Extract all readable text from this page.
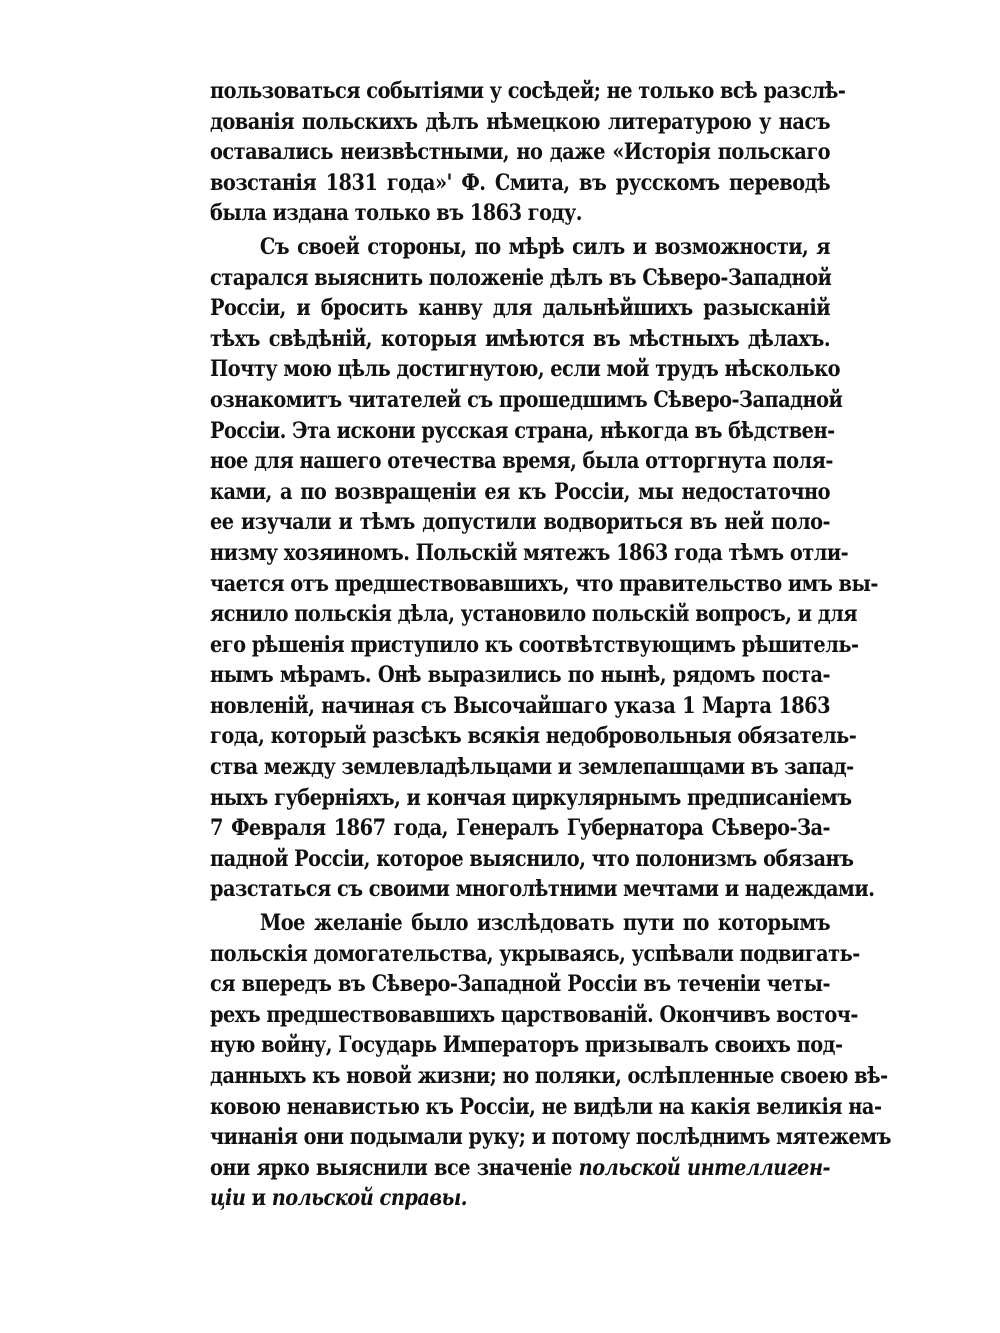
пользоваться событіями у сосѣдей; не только всѣ разслѣ-
дованія польскихъ дѣлъ нѣмецкою литературою у насъ
оставались неизвѣстными, но даже «Исторія польскаго
возстанія 1831 года»' Ф. Смита, въ русскомъ переводѣ
была издана только въ 1863 году.
Съ своей стороны, по мѣрѣ силъ и возможности, я
старался выяснить положеніе дѣлъ въ Сѣверо-Западной
Россіи, и бросить канву для дальнѣйшихъ разысканій
тѣхъ свѣдѣній, которыя имѣются въ мѣстныхъ дѣлахъ.
Почту мою цѣль достигнутою, если мой трудъ нѣсколько
ознакомитъ читателей съ прошедшимъ Сѣверо-Западной
Россіи. Эта искони русская страна, нѣкогда въ бѣдствен-
ное для нашего отечества время, была отторгнута поля-
ками, а по возвращеніи ея къ Россіи, мы недостаточно
ее изучали и тѣмъ допустили водвориться въ ней поло-
низму хозяиномъ. Польскій мятежъ 1863 года тѣмъ отли-
чается отъ предшествовавшихъ, что правительство имъ вы-
яснило польскія дѣла, установило польскій вопросъ, и для
его рѣшенія приступило къ соотвѣтствующимъ рѣшитель-
нымъ мѣрамъ. Онѣ выразились по нынѣ, рядомъ поста-
новленій, начиная съ Высочайшаго указа 1 Марта 1863
года, который разсѣкъ всякія недобровольныя обязатель-
ства между землевладѣльцами и землепашцами въ запад-
ныхъ губерніяхъ, и кончая циркулярнымъ предписаніемъ
7 Февраля 1867 года, Генералъ Губернатора Сѣверо-За-
падной Россіи, которое выяснило, что полонизмъ обязанъ
разстаться съ своими многолѣтними мечтами и надеждами.
Мое желаніе было изслѣдовать пути по которымъ
польскія домогательства, укрываясь, успѣвали подвигать-
ся впередъ въ Сѣверо-Западной Россіи въ теченіи четы-
рехъ предшествовавшихъ царствованій. Окончивъ восточ-
ную войну, Государь Императоръ призывалъ своихъ под-
данныхъ къ новой жизни; но поляки, ослѣпленные своею вѣ-
ковою ненавистью къ Россіи, не видѣли на какія великія на-
чинанія они подымали руку; и потому послѣднимъ мятежемъ
они ярко выяснили все значеніе польской интеллиген-
ціи и польской справы.
